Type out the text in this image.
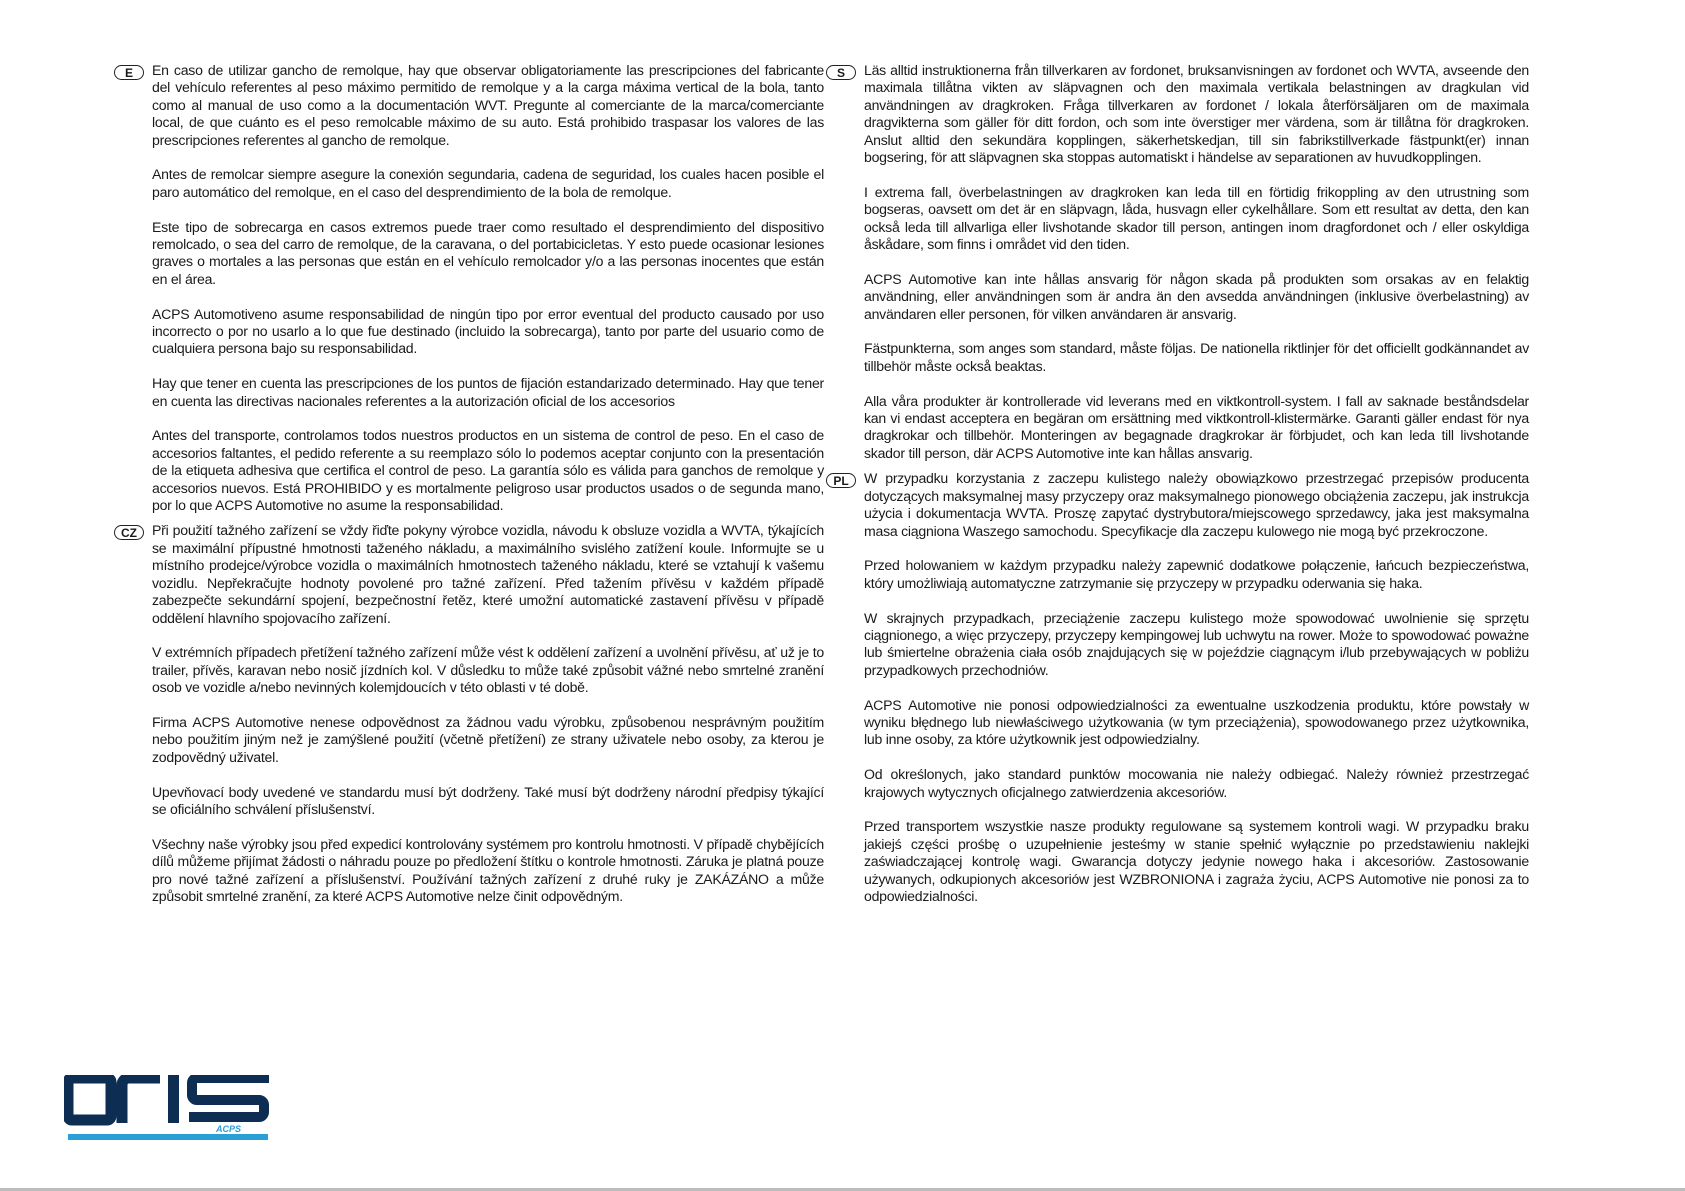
E	En caso de utilizar gancho de remolque, hay que observar obligatoriamente las prescripciones del fabricante del vehículo referentes al peso máximo permitido de remolque y a la carga máxima vertical de la bola, tanto como al manual de uso como a la documentación WVT. Pregunte al comerciante de la marca/comerciante local, de que cuánto es el peso remolcable máximo de su auto. Está prohibido traspasar los valores de las prescripciones referentes al gancho de remolque.

Antes de remolcar siempre asegure la conexión segundaria, cadena de seguridad, los cuales hacen posible el paro automático del remolque, en el caso del desprendimiento de la bola de remolque.

Este tipo de sobrecarga en casos extremos puede traer como resultado el desprendimiento del dispositivo remolcado, o sea del carro de remolque, de la caravana, o del portabicicletas. Y esto puede ocasionar lesiones graves o mortales a las personas que están en el vehículo remolcador y/o a las personas inocentes que están en el área.

ACPS Automotiveno asume responsabilidad de ningún tipo por error eventual del producto causado por uso incorrecto o por no usarlo a lo que fue destinado (incluido la sobrecarga), tanto por parte del usuario como de cualquiera persona bajo su responsabilidad.

Hay que tener en cuenta las prescripciones de los puntos de fijación estandarizado determinado. Hay que tener en cuenta las directivas nacionales referentes a la autorización oficial de los accesorios

Antes del transporte, controlamos todos nuestros productos en un sistema de control de peso. En el caso de accesorios faltantes, el pedido referente a su reemplazo sólo lo podemos aceptar conjunto con la presentación de la etiqueta adhesiva que certifica el control de peso. La garantía sólo es válida para ganchos de remolque y accesorios nuevos. Está PROHIBIDO y es mortalmente peligroso usar productos usados o de segunda mano, por lo que ACPS Automotive no asume la responsabilidad.

CZ	Při použití tažného zařízení se vždy řiďte pokyny výrobce vozidla, návodu k obsluze vozidla a WVTA, týkajících se maximální přípustné hmotnosti taženého nákladu, a maximálního svislého zatížení koule. Informujte se u místního prodejce/výrobce vozidla o maximálních hmotnostech taženého nákladu, které se vztahují k vašemu vozidlu. Nepřekračujte hodnoty povolené pro tažné zařízení. Před tažením přívěsu v každém případě zabezpečte sekundární spojení, bezpečnostní řetěz, které umožní automatické zastavení přívěsu v případě oddělení hlavního spojovacího zařízení.

V extrémních případech přetížení tažného zařízení může vést k oddělení zařízení a uvolnění přívěsu, ať už je to trailer, přívěs, karavan nebo nosič jízdních kol. V důsledku to může také způsobit vážné nebo smrtelné zranění osob ve vozidle a/nebo nevinných kolemjdoucích v této oblasti v té době.

Firma ACPS Automotive nenese odpovědnost za žádnou vadu výrobku, způsobenou nesprávným použitím nebo použitím jiným než je zamýšlené použití (včetně přetížení) ze strany uživatele nebo osoby, za kterou je zodpovědný uživatel.

Upevňovací body uvedené ve standardu musí být dodrženy. Také musí být dodrženy národní předpisy týkající se oficiálního schválení příslušenství.

Všechny naše výrobky jsou před expedicí kontrolovány systémem pro kontrolu hmotnosti. V případě chybějících dílů můžeme přijímat žádosti o náhradu pouze po předložení štítku o kontrole hmotnosti. Záruka je platná pouze pro nové tažné zařízení a příslušenství. Používání tažných zařízení z druhé ruky je ZAKÁZÁNO a může způsobit smrtelné zranění, za které ACPS Automotive nelze činit odpovědným.

S	Läs alltid instruktionerna från tillverkaren av fordonet, bruksanvisningen av fordonet och WVTA, avseende den maximala tillåtna vikten av släpvagnen och den maximala vertikala belastningen av dragkulan vid användningen av dragkroken. Fråga tillverkaren av fordonet / lokala återförsäljaren om de maximala dragvikterna som gäller för ditt fordon, och som inte överstiger mer värdena, som är tillåtna för dragkroken. Anslut alltid den sekundära kopplingen, säkerhetskedjan, till sin fabrikstillverkade fästpunkt(er) innan bogsering, för att släpvagnen ska stoppas automatiskt i händelse av separationen av huvudkopplingen.

I extrema fall, överbelastningen av dragkroken kan leda till en förtidig frikoppling av den utrustning som bogseras, oavsett om det är en släpvagn, låda, husvagn eller cykelhållare. Som ett resultat av detta, den kan också leda till allvarliga eller livshotande skador till person, antingen inom dragfordonet och / eller oskyldiga åskådare, som finns i området vid den tiden.

ACPS Automotive kan inte hållas ansvarig för någon skada på produkten som orsakas av en felaktig användning, eller användningen som är andra än den avsedda användningen (inklusive överbelastning) av användaren eller personen, för vilken användaren är ansvarig.

Fästpunkterna, som anges som standard, måste följas. De nationella riktlinjer för det officiellt godkännandet av tillbehör måste också beaktas.

Alla våra produkter är kontrollerade vid leverans med en viktkontroll-system. I fall av saknade beståndsdelar kan vi endast acceptera en begäran om ersättning med viktkontroll-klistermärke. Garanti gäller endast för nya dragkrokar och tillbehör. Monteringen av begagnade dragkrokar är förbjudet, och kan leda till livshotande skador till person, där ACPS Automotive inte kan hållas ansvarig.

PL	W przypadku korzystania z zaczepu kulistego należy obowiązkowo przestrzegać przepisów producenta dotyczących maksymalnej masy przyczepy oraz maksymalnego pionowego obciążenia zaczepu, jak instrukcja użycia i dokumentacja WVTA. Proszę zapytać dystrybutora/miejscowego sprzedawcy, jaka jest maksymalna masa ciągniona Waszego samochodu. Specyfikacje dla zaczepu kulowego nie mogą być przekroczone.

Przed holowaniem w każdym przypadku należy zapewnić dodatkowe połączenie, łańcuch bezpieczeństwa, który umożliwiają automatyczne zatrzymanie się przyczepy w przypadku oderwania się haka.

W skrajnych przypadkach, przeciążenie zaczepu kulistego może spowodować uwolnienie się sprzętu ciągnionego, a więc przyczepy, przyczepy kempingowej lub uchwytu na rower. Może to spowodować poważne lub śmiertelne obrażenia ciała osób znajdujących się w pojeździe ciągnącym i/lub przebywających w pobliżu przypadkowych przechodniów.

ACPS Automotive nie ponosi odpowiedzialności za ewentualne uszkodzenia produktu, które powstały w wyniku błędnego lub niewłaściwego użytkowania (w tym przeciążenia), spowodowanego przez użytkownika, lub inne osoby, za które użytkownik jest odpowiedzialny.

Od określonych, jako standard punktów mocowania nie należy odbiegać. Należy również przestrzegać krajowych wytycznych oficjalnego zatwierdzenia akcesoriów.

Przed transportem wszystkie nasze produkty regulowane są systemem kontroli wagi. W przypadku braku jakiejś części prośbę o uzupełnienie jesteśmy w stanie spełnić wyłącznie po przedstawieniu naklejki zaświadczającej kontrolę wagi. Gwarancja dotyczy jedynie nowego haka i akcesoriów. Zastosowanie używanych, odkupionych akcesoriów jest WZBRONIONA i zagraża życiu, ACPS Automotive nie ponosi za to odpowiedzialności.

ACPS
